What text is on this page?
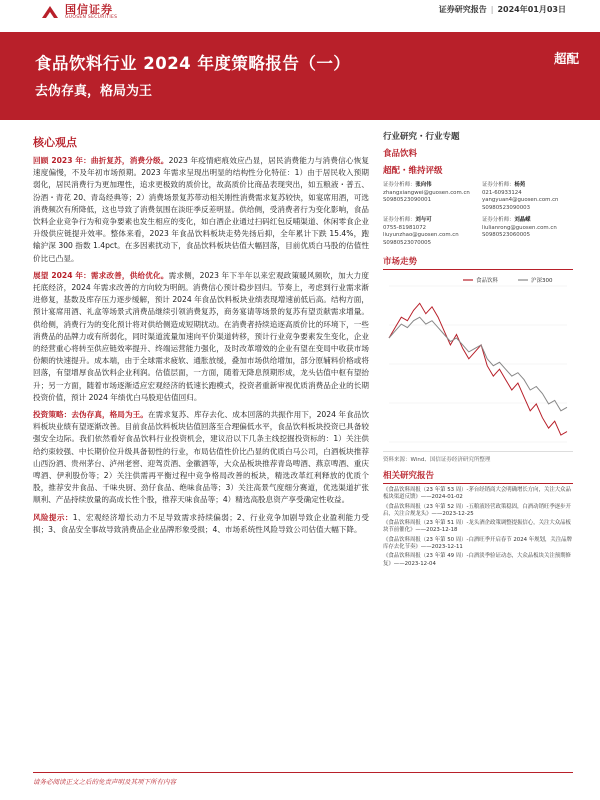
国信证券
GUOSEN SECURITIES
证券研究报告 | 2024年01月03日
食品饮料行业 2024 年度策略报告（一）
去伪存真，格局为王
超配
核心观点

回顾 2023 年：曲折复苏，消费分级。2023 年疫情疤痕效应凸显，居民消费能力与消费信心恢复速度偏慢，不及年初市场预期。2023 年需求呈现出明显的结构性分化特征：1）由于居民收入预期弱化，居民消费行为更加理性，追求更极致的质价比，故高质价比商品表现突出，如五粮液・普五、汾酒・青花 20、青岛经典等；2）消费场景复苏带动相关刚性消费需求复苏较快，如宴席用酒，可选消费频次有所降低，这也导致了消费氛围在淡旺季反差明显。供给侧，受消费者行为变化影响，食品饮料企业竞争行为和竞争要素也发生相应的变化，如白酒企业通过扫码红包反哺渠道、休闲零食企业升级供应链提升效率。整体来看，2023 年食品饮料板块走势先扬后抑，全年累计下跌 15.4%，跑输沪深 300 指数 1.4pct。在多因素扰动下，食品饮料板块估值大幅回落，目前优质白马股的估值性价比已凸显。

展望 2024 年：需求改善，供给优化。需求侧，2023 年下半年以来宏观政策暖风频吹，加大力度托底经济，2024 年需求改善的方向较为明朗。消费信心预计稳步回归。节奏上，考虑到行业需求渐进修复，基数及库存压力逐步缓解，预计 2024 年食品饮料板块业绩表现增速前低后高。结构方面，预计宴席用酒、礼盒等场景式消费品继续引领消费复苏，商务宴请等场景的复苏有望贡献需求增量。供给侧，消费行为的变化预计将对供给侧造成短期扰动。在消费者持续追逐高质价比的环境下，一些消费品的品牌力或有所弱化，同时渠道流量加速向平价渠道转移，预计行业竞争要素发生变化，企业的经营重心将转至供应链效率提升、终端运营能力强化，及时改革增效的企业有望在变局中收获市场份额的快速提升。成本端，由于全球需求疲软、通胀放缓，叠加市场供给增加，部分原辅料价格或将回落，有望增厚食品饮料企业利润。估值层面，一方面，随着无降息预期形成，龙头估值中枢有望抬升；另一方面，随着市场逐渐适应宏观经济的低速长跑模式，投资者重新审视优质消费品企业的长期投资价值，预计 2024 年绩优白马股迎估值回归。

投资策略：去伪存真，格局为王。在需求复苏、库存去化、成本回落的共振作用下，2024 年食品饮料板块业绩有望逐渐改善。目前食品饮料板块估值回落至合理偏低水平，食品饮料板块投资已具备较强安全边际。我们依然看好食品饮料行业投资机会，建议沿以下几条主线挖掘投资标的：1）关注供给约束较强、中长期价位升级具备韧性的行业，布局估值性价比凸显的优质白马公司，白酒板块推荐山西汾酒、贵州茅台、泸州老窖、迎驾贡酒、金徽酒等，大众品板块推荐青岛啤酒、燕京啤酒、重庆啤酒、伊利股份等；2）关注供需再平衡过程中竞争格局改善的板块，精选改革红利释放的优质个股，推荐安井食品、千味央厨、劲仔食品、绝味食品等；3）关注高景气度细分赛道，优选渠道扩张顺利、产品持续放量的高成长性个股，推荐天味食品等；4）精选高股息资产享受确定性收益。

风险提示：1、宏观经济增长动力不足导致需求持续偏弱；2、行业竞争加剧导致企业盈利能力受损；3、食品安全事故导致消费品企业品牌形象受损；4、市场系统性风险导致公司估值大幅下降。

行业研究・行业专题
食品饮料
超配・维持评级
证券分析师：张向伟
zhangxiangwei@guosen.com.cn
S0980523090001
证券分析师：杨苑
021-60933124
yangyuan4@guosen.com.cn
S0980523090003
证券分析师：刘与可
0755-81981072
liuyunzhao@guosen.com.cn
S0980523070005
证券分析师：刘晶嵘
liulianrong@guosen.com.cn
S0980523060005
市场走势
食品饮料	沪深300
资料来源：Wind、国信证券经济研究所整理
相关研究报告
《食品饮料周报（23 年第 53 周）-茅台经销商大会明确增长方向，关注大众品板块渠道反馈》——2024-01-02
《食品饮料周报（23 年第 52 周）-五粮液经营政策稳固，白酒动销旺季逐步开启，关注合规龙头》——2023-12-25
《食品饮料周报（23 年第 51 周）-龙头酒企政策调整提振信心，关注大众品板块节前催化》——2023-12-18
《食品饮料周报（23 年第 50 周）-白酒旺季开启春节 2024 年规划，关注品牌库存去化节奏》——2023-12-11
《食品饮料周报（23 年第 49 周）-白酒淡季验证动态，大众品板块关注预期修复》——2023-12-04
请务必阅读正文之后的免责声明及其项下所有内容
